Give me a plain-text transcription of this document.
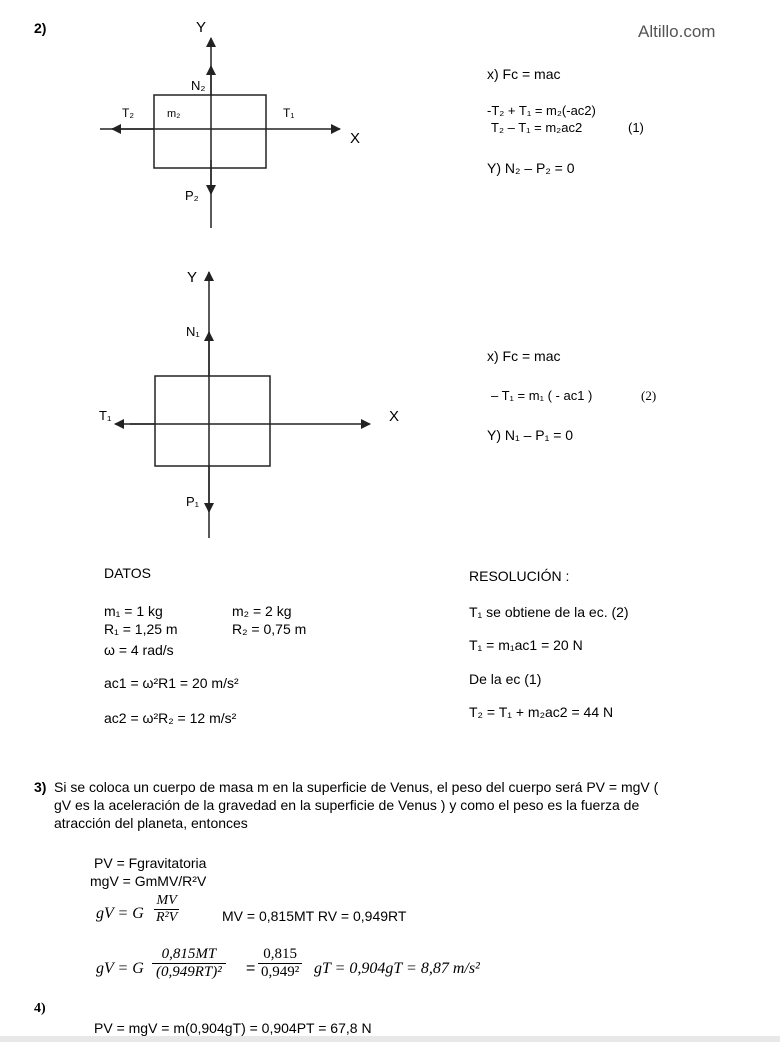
Altillo.com
2)	Y
X
N₂
P₂
T₂	T₁
m₂
x) Fc = mac
-T₂ + T₁ = m₂(-ac2)
T₂ – T₁ = m₂ac2	(1)
Y) N₂ – P₂ = 0
Y
X
N₁
P₁
T₁
x) Fc = mac
– T₁ = m₁ ( - ac1 )	(2)
Y) N₁ – P₁ = 0
DATOS
m₁ = 1 kg	m₂ = 2 kg
R₁ = 1,25 m	R₂ = 0,75 m
ω = 4 rad/s
ac1 = ω²R1 = 20 m/s²
ac2 = ω²R₂ = 12 m/s²
RESOLUCIÓN :
T₁ se obtiene de la ec. (2)
T₁ = m₁ac1 = 20 N
De la ec (1)
T₂ = T₁ + m₂ac2 = 44 N
3) Si se coloca un cuerpo de masa m en la superficie de Venus, el peso del cuerpo será PV = mgV (
gV es la aceleración de la gravedad en la superficie de Venus ) y como el peso es la fuerza de
atracción del planeta, entonces
PV = Fgravitatoria
mgV = GmMV/R²V
gV = G $\frac{MV}{\text{R²V}}$	MV = 0,815MT RV = 0,949RT
gV = G $\frac{0,815MT}{\text{(0,949RT)²}} = \frac{0,815}{\text{0,949²}}$ gT = 0,904gT = 8,87 m/s²
4)
PV = mgV = m(0,904gT) = 0,904PT = 67,8 N
